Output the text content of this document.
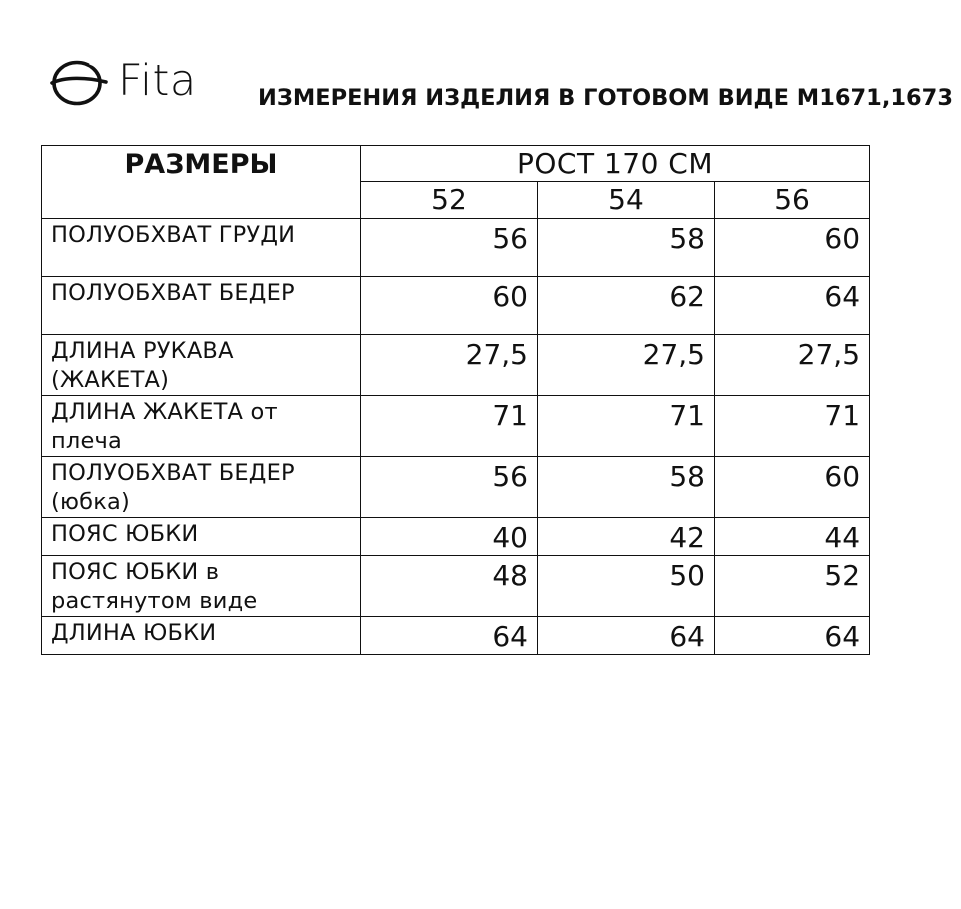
Fita	ИЗМЕРЕНИЯ ИЗДЕЛИЯ В ГОТОВОМ ВИДЕ М1671,1673
РАЗМЕРЫ	РОСТ 170 СМ		
	52	54	56
ПОЛУОБХВАТ ГРУДИ	56	58	60
ПОЛУОБХВАТ БЕДЕР	60	62	64
ДЛИНА РУКАВА
(ЖАКЕТА)	27,5	27,5	27,5
ДЛИНА ЖАКЕТА от
плеча	71	71	71
ПОЛУОБХВАТ БЕДЕР
(юбка)	56	58	60
ПОЯС ЮБКИ	40	42	44
ПОЯС ЮБКИ в
растянутом виде	48	50	52
ДЛИНА ЮБКИ	64	64	64
